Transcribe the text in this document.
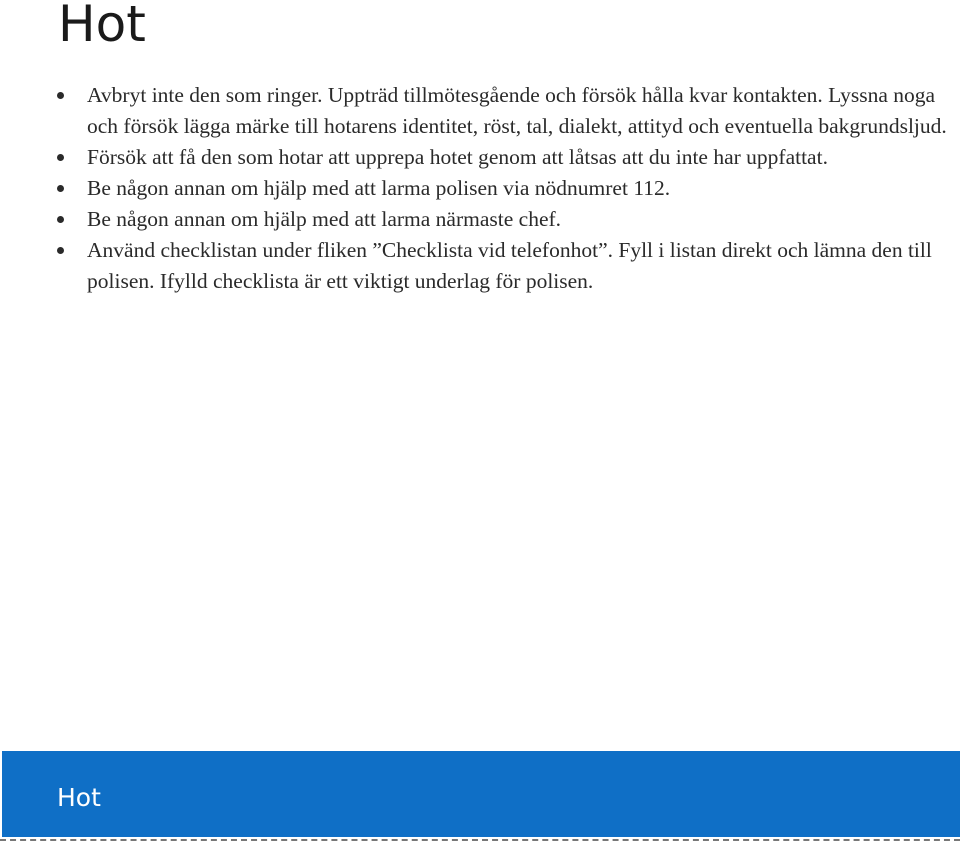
Hot
Avbryt inte den som ringer. Uppträd tillmötesgående och försök hålla kvar kontakten. Lyssna noga och försök lägga märke till hotarens identitet, röst, tal, dialekt, attityd och eventuella bakgrundsljud.
Försök att få den som hotar att upprepa hotet genom att låtsas att du inte har uppfattat.
Be någon annan om hjälp med att larma polisen via nödnumret 112.
Be någon annan om hjälp med att larma närmaste chef.
Använd checklistan under fliken ”Checklista vid telefonhot”. Fyll i listan direkt och lämna den till polisen. Ifylld checklista är ett viktigt underlag för polisen.
Hot
